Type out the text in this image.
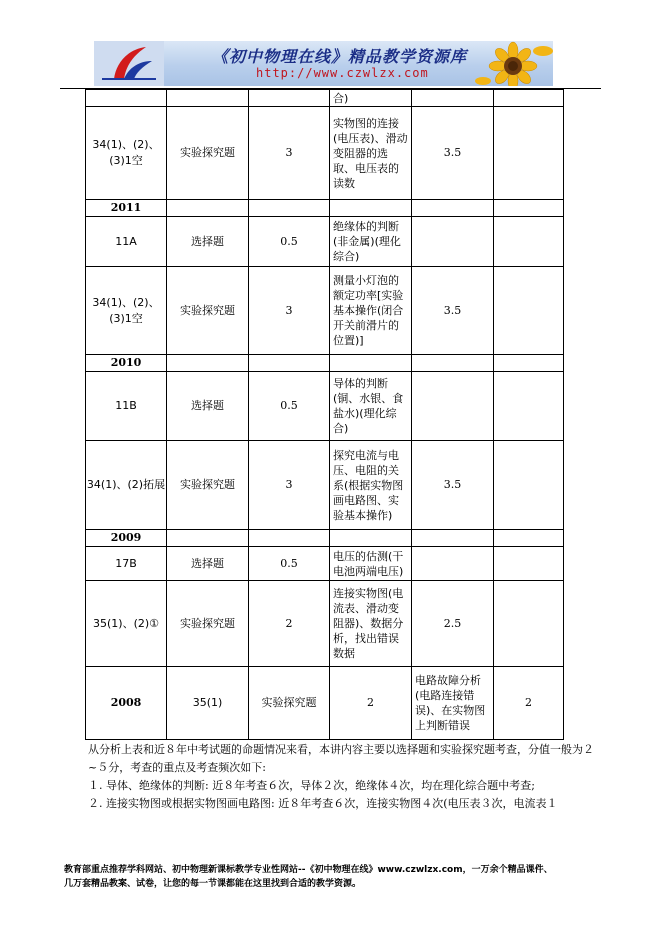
《初中物理在线》精品教学资源库
http://www.czwlzx.com
			合)		
34(1)、(2)、(3)1空	实验探究题	3	实物图的连接(电压表)、滑动变阻器的选取、电压表的读数	3.5	
2011					
11A	选择题	0.5	绝缘体的判断(非金属)(理化综合)		
34(1)、(2)、(3)1空	实验探究题	3	测量小灯泡的额定功率[实验基本操作(闭合开关前滑片的位置)]	3.5	
2010					
11B	选择题	0.5	导体的判断(铜、水银、食盐水)(理化综合)		
34(1)、(2)拓展	实验探究题	3	探究电流与电压、电阻的关系(根据实物图画电路图、实验基本操作)	3.5	
2009					
17B	选择题	0.5	电压的估测(干电池两端电压)		
35(1)、(2)①	实验探究题	2	连接实物图(电流表、滑动变阻器)、数据分析，找出错误数据	2.5	
2008	35(1)	实验探究题	2	电路故障分析(电路连接错误)、在实物图上判断错误	2

从分析上表和近８年中考试题的命题情况来看，本讲内容主要以选择题和实验探究题考查，分值一般为２~５分，考查的重点及考查频次如下:

１. 导体、绝缘体的判断: 近８年考查６次，导体２次，绝缘体４次，均在理化综合题中考查;

２. 连接实物图或根据实物图画电路图: 近８年考查６次，连接实物图４次(电压表３次，电流表１

教育部重点推荐学科网站、初中物理新课标教学专业性网站--《初中物理在线》www.czwlzx.com，一万余个精品课件、
几万套精品教案、试卷，让您的每一节课都能在这里找到合适的教学资源。
